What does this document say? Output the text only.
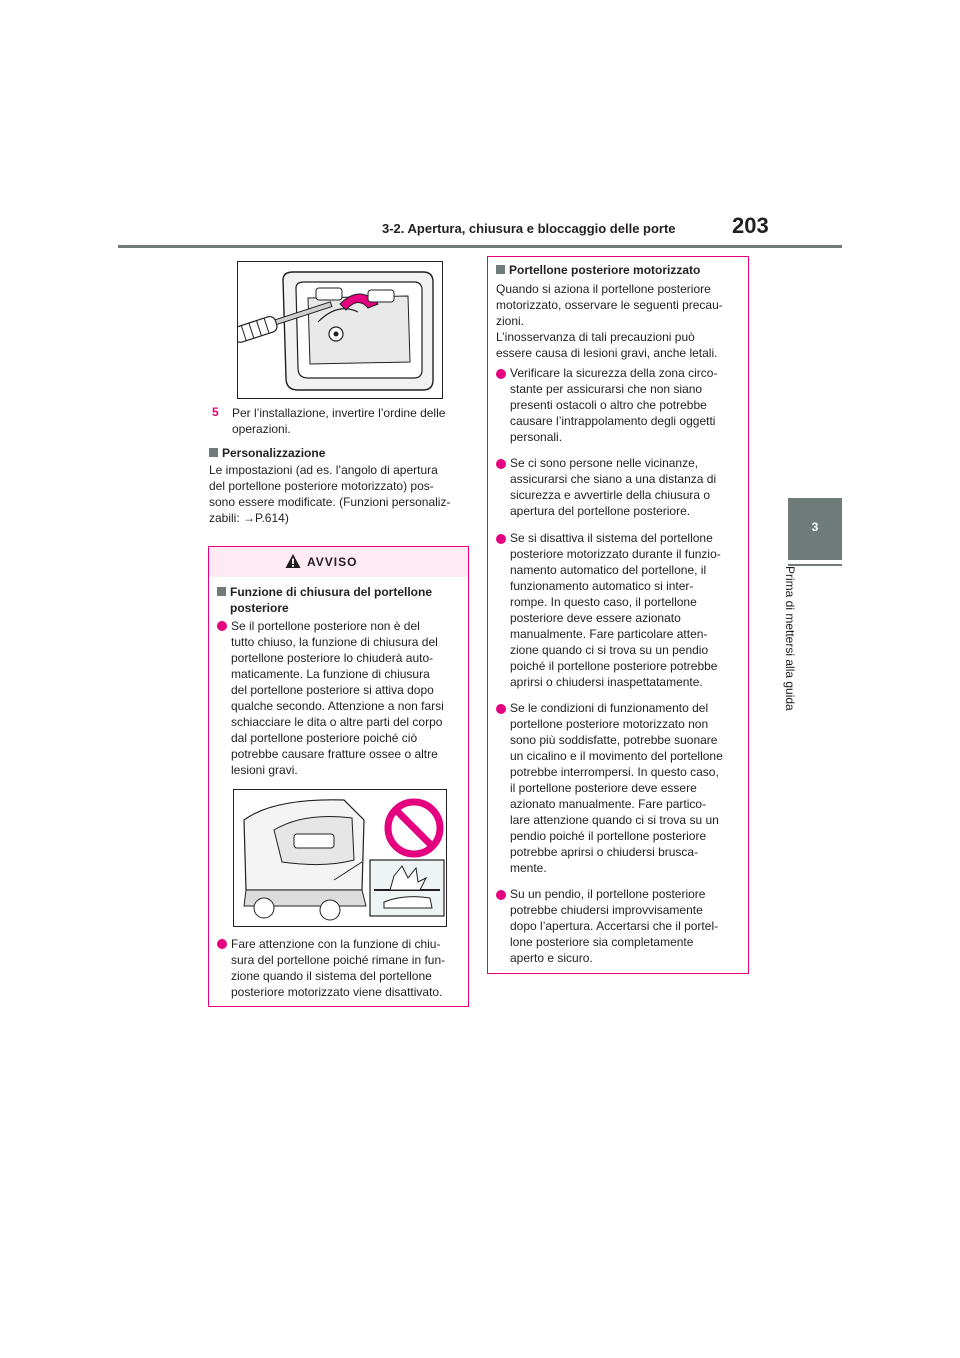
3-2. Apertura, chiusura e bloccaggio delle porte	203
3
Prima di mettersi alla guida
5 Per l’installazione, invertire l’ordine delle
operazioni.
Personalizzazione
Le impostazioni (ad es. l’angolo di apertura
del portellone posteriore motorizzato) pos-
sono essere modificate. (Funzioni personaliz-
zabili: →P.614)
AVVISO
Funzione di chiusura del portellone
posteriore
Se il portellone posteriore non è del
tutto chiuso, la funzione di chiusura del
portellone posteriore lo chiuderà auto-
maticamente. La funzione di chiusura
del portellone posteriore si attiva dopo
qualche secondo. Attenzione a non farsi
schiacciare le dita o altre parti del corpo
dal portellone posteriore poiché ciò
potrebbe causare fratture ossee o altre
lesioni gravi.
Fare attenzione con la funzione di chiu-
sura del portellone poiché rimane in fun-
zione quando il sistema del portellone
posteriore motorizzato viene disattivato.
Portellone posteriore motorizzato
Quando si aziona il portellone posteriore
motorizzato, osservare le seguenti precau-
zioni.
L’inosservanza di tali precauzioni può
essere causa di lesioni gravi, anche letali.
Verificare la sicurezza della zona circo-
stante per assicurarsi che non siano
presenti ostacoli o altro che potrebbe
causare l’intrappolamento degli oggetti
personali.
Se ci sono persone nelle vicinanze,
assicurarsi che siano a una distanza di
sicurezza e avvertirle della chiusura o
apertura del portellone posteriore.
Se si disattiva il sistema del portellone
posteriore motorizzato durante il funzio-
namento automatico del portellone, il
funzionamento automatico si inter-
rompe. In questo caso, il portellone
posteriore deve essere azionato
manualmente. Fare particolare atten-
zione quando ci si trova su un pendio
poiché il portellone posteriore potrebbe
aprirsi o chiudersi inaspettatamente.
Se le condizioni di funzionamento del
portellone posteriore motorizzato non
sono più soddisfatte, potrebbe suonare
un cicalino e il movimento del portellone
potrebbe interrompersi. In questo caso,
il portellone posteriore deve essere
azionato manualmente. Fare partico-
lare attenzione quando ci si trova su un
pendio poiché il portellone posteriore
potrebbe aprirsi o chiudersi brusca-
mente.
Su un pendio, il portellone posteriore
potrebbe chiudersi improvvisamente
dopo l’apertura. Accertarsi che il portel-
lone posteriore sia completamente
aperto e sicuro.
